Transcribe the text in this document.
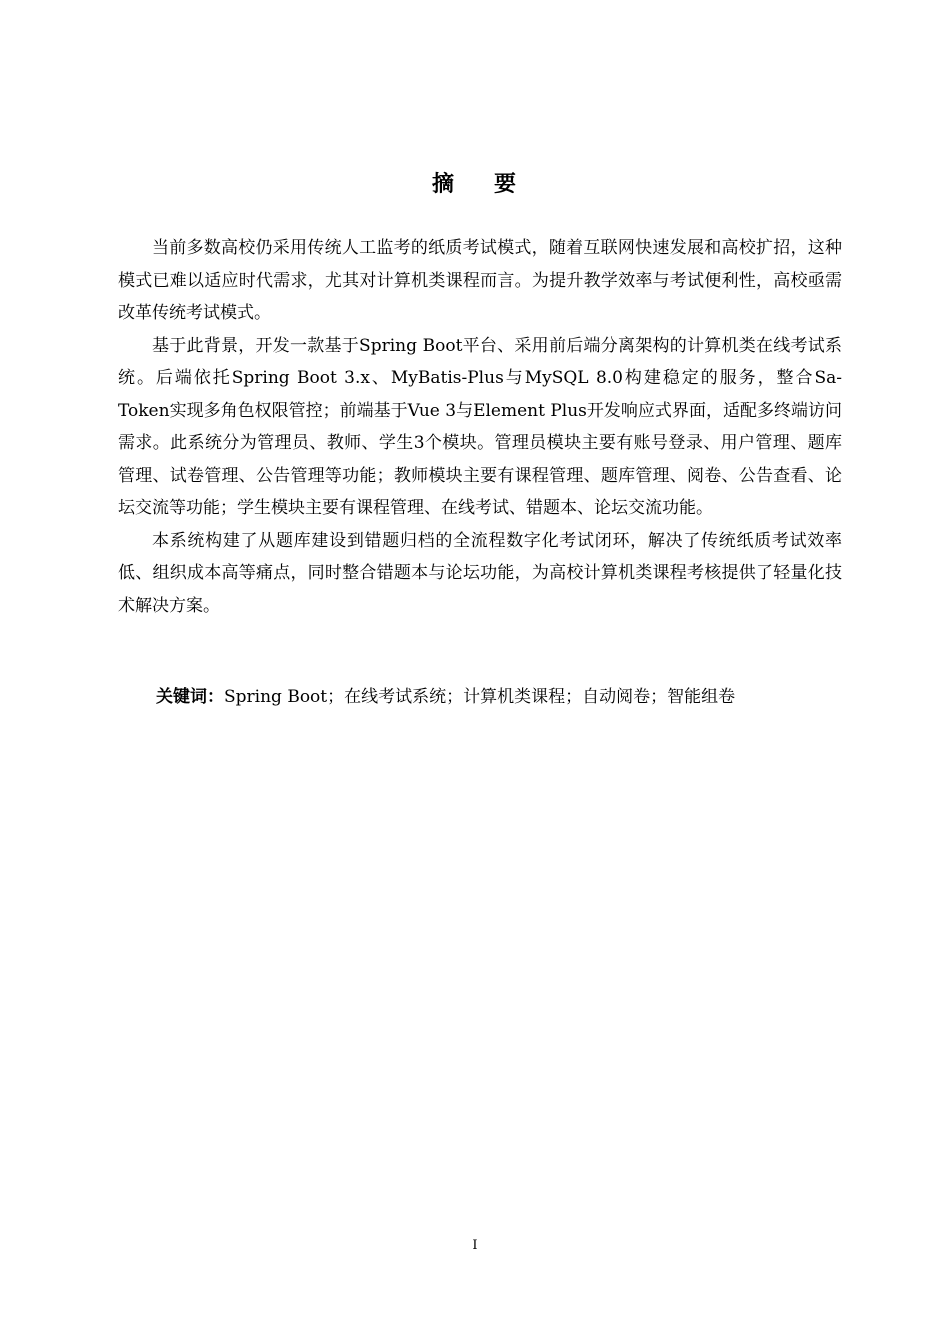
摘 要

当前多数高校仍采用传统人工监考的纸质考试模式，随着互联网快速发展和高校扩招，这种模式已难以适应时代需求，尤其对计算机类课程而言。为提升教学效率与考试便利性，高校亟需改革传统考试模式。

基于此背景，开发一款基于Spring Boot平台、采用前后端分离架构的计算机类在线考试系统。后端依托Spring Boot 3.x、MyBatis-Plus与MySQL 8.0构建稳定的服务，整合Sa-Token实现多角色权限管控；前端基于Vue 3与Element Plus开发响应式界面，适配多终端访问需求。此系统分为管理员、教师、学生3个模块。管理员模块主要有账号登录、用户管理、题库管理、试卷管理、公告管理等功能；教师模块主要有课程管理、题库管理、阅卷、公告查看、论坛交流等功能；学生模块主要有课程管理、在线考试、错题本、论坛交流功能。

本系统构建了从题库建设到错题归档的全流程数字化考试闭环，解决了传统纸质考试效率低、组织成本高等痛点，同时整合错题本与论坛功能，为高校计算机类课程考核提供了轻量化技术解决方案。

关键词：Spring Boot；在线考试系统；计算机类课程；自动阅卷；智能组卷
I
